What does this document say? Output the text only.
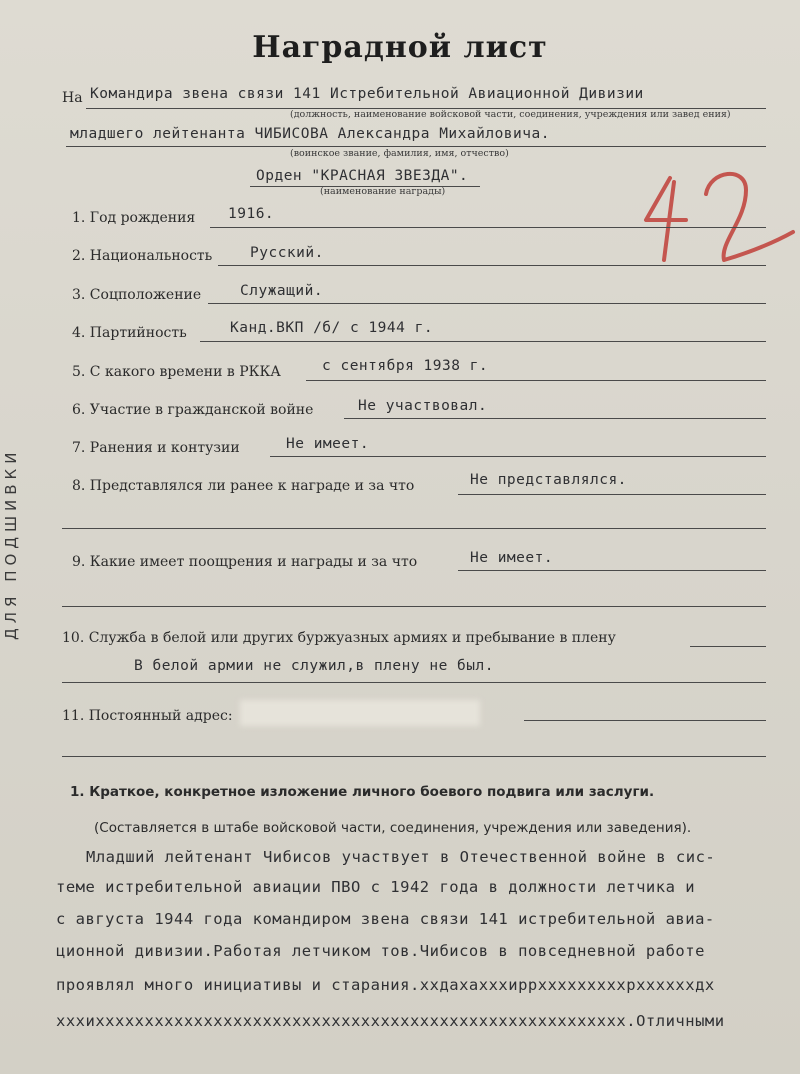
Наградной лист
На Командира звена связи 141 Истребительной Авиационной Дивизии
(должность, наименование войсковой части, соединения, учреждения или завед ения)
младшего лейтенанта ЧИБИСОВА Александра Михайловича.
(воинское звание, фамилия, имя, отчество)
Орден "КРАСНАЯ ЗВЕЗДА".
(наименование награды)
42
1. Год рождения 1916.
2. Национальность	Русский.
3. Соцположение	Служащий.
4. Партийность	Канд.ВКП /б/ с 1944 г.
5. С какого времени в РККА	с сентября 1938 г.
6. Участие в гражданской войне	Не участвовал.
7. Ранения и контузии	Не имеет.
8. Представлялся ли ранее к награде и за что	Не представлялся.
9. Какие имеет поощрения и награды и за что	Не имеет.
10. Служба в белой или других буржуазных армиях и пребывание в плену
В белой армии не служил,в плену не был.
11. Постоянный адрес:
1. Краткое, конкретное изложение личного боевого подвига или заслуги.
(Составляется в штабе войсковой части, соединения, учреждения или заведения).
Младший лейтенант Чибисов участвует в Отечественной войне в сис-
теме истребительной авиации ПВО с 1942 года в должности летчика и
с августа 1944 года командиром звена связи 141 истребительной авиа-
ционной дивизии.Работая летчиком тов.Чибисов в повседневной работе
проявлял много инициативы и старания.ххдахахххиррхххххххххрххххххдх
хххихххххххххххххххххххххххххххххххххххххххххххххххххххххх.Отличными
ДЛЯ ПОДШИВКИ
